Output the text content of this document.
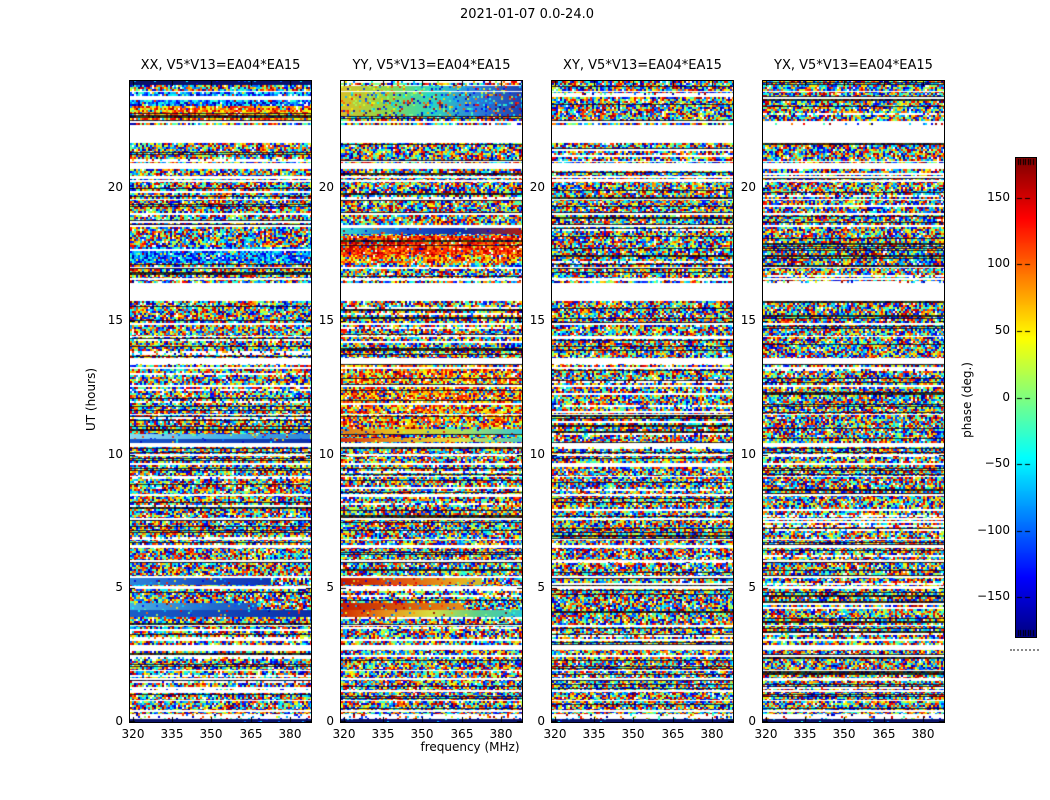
2021-01-07 0.0-24.0
XX, V5*V13=EA04*EA15	YY, V5*V13=EA04*EA15	XY, V5*V13=EA04*EA15	YX, V5*V13=EA04*EA15
UT (hours)
frequency (MHz)
phase (deg.)
0
5
10
15
20
320	335	350	365	380
0
5
10
15
20
320	335	350	365	380
0
5
10
15
20
320	335	350	365	380
0
5
10
15
20
320	335	350	365	380
150
100
50
0
−50
−100
−150
